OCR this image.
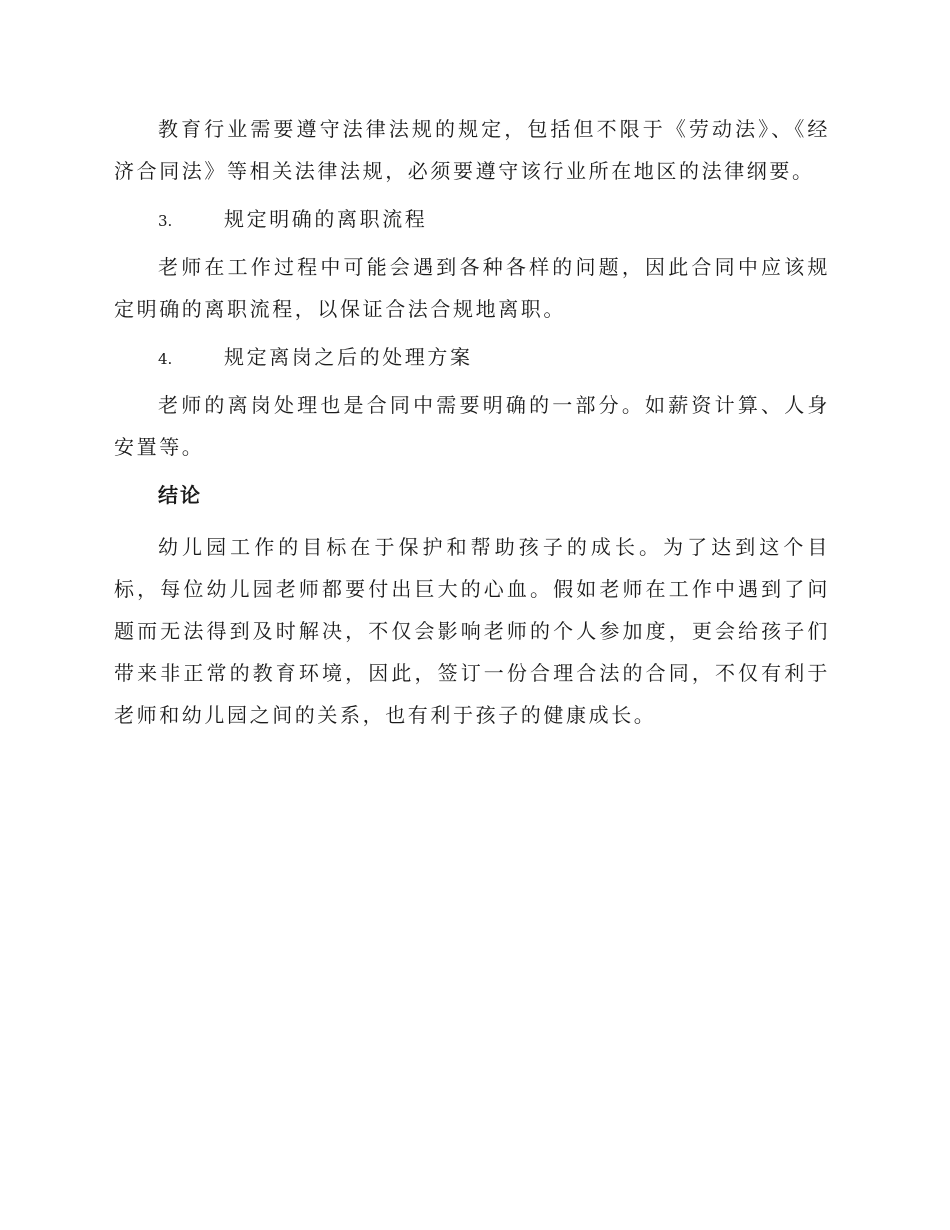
教育行业需要遵守法律法规的规定，包括但不限于《劳动法》、《经济合同法》等相关法律法规，必须要遵守该行业所在地区的法律纲要。

3.	规定明确的离职流程

老师在工作过程中可能会遇到各种各样的问题，因此合同中应该规定明确的离职流程，以保证合法合规地离职。

4.	规定离岗之后的处理方案

老师的离岗处理也是合同中需要明确的一部分。如薪资计算、人身安置等。

结论

幼儿园工作的目标在于保护和帮助孩子的成长。为了达到这个目标，每位幼儿园老师都要付出巨大的心血。假如老师在工作中遇到了问题而无法得到及时解决，不仅会影响老师的个人参加度，更会给孩子们带来非正常的教育环境，因此，签订一份合理合法的合同，不仅有利于老师和幼儿园之间的关系，也有利于孩子的健康成长。
